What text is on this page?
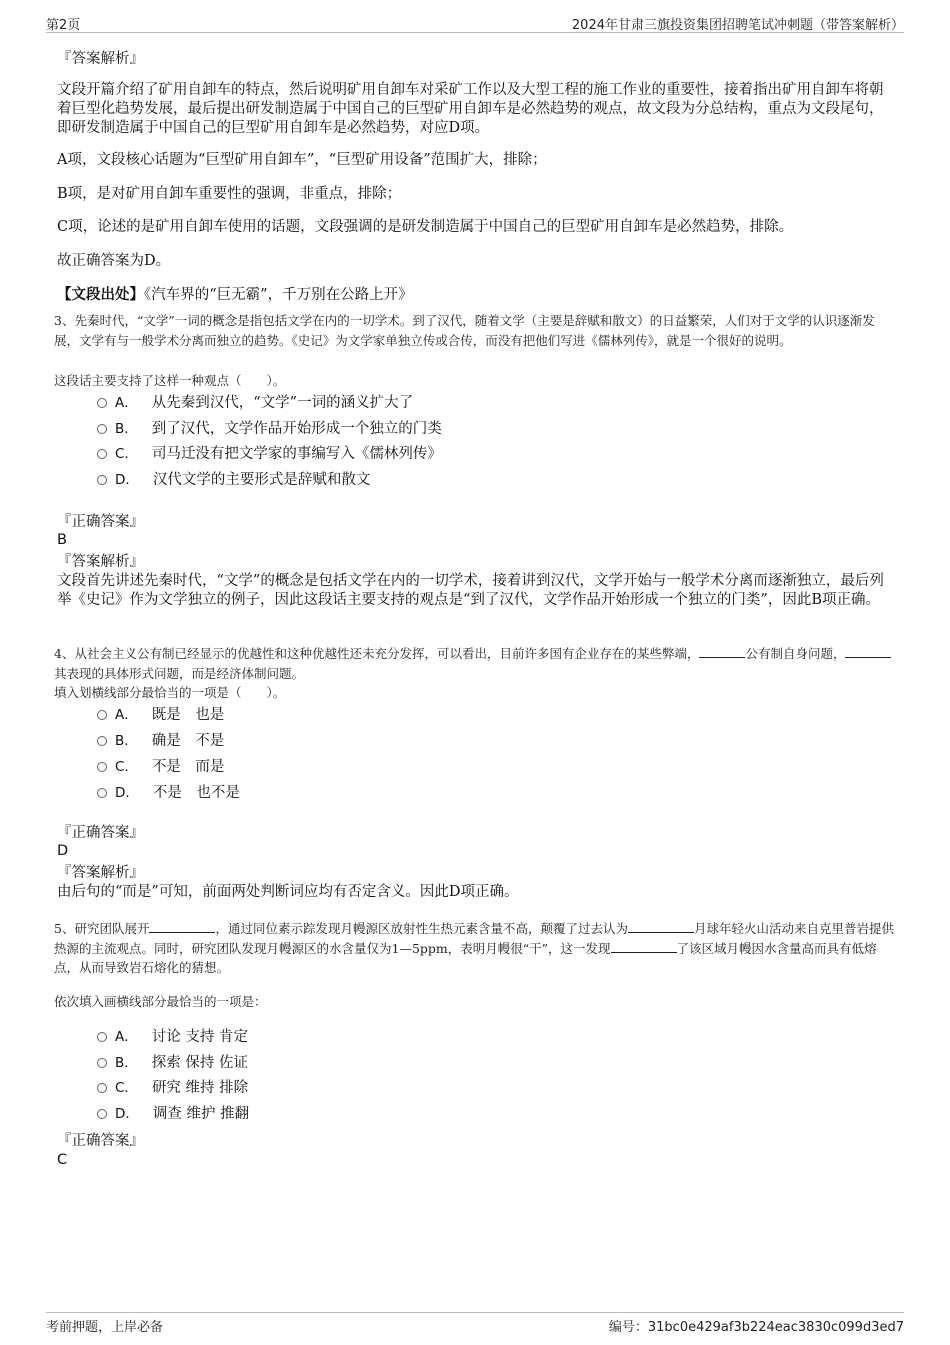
第2页	2024年甘肃三旗投资集团招聘笔试冲刺题（带答案解析）
『答案解析』
文段开篇介绍了矿用自卸车的特点，然后说明矿用自卸车对采矿工作以及大型工程的施工作业的重要性，接着指出矿用自卸车将朝着巨型化趋势发展，最后提出研发制造属于中国自己的巨型矿用自卸车是必然趋势的观点，故文段为分总结构，重点为文段尾句，即研发制造属于中国自己的巨型矿用自卸车是必然趋势，对应D项。
A项，文段核心话题为“巨型矿用自卸车”，“巨型矿用设备”范围扩大，排除；
B项，是对矿用自卸车重要性的强调，非重点，排除；
C项，论述的是矿用自卸车使用的话题，文段强调的是研发制造属于中国自己的巨型矿用自卸车是必然趋势，排除。
故正确答案为D。
【文段出处】《汽车界的“巨无霸”，千万别在公路上开》
3、先秦时代，“文学”一词的概念是指包括文学在内的一切学术。到了汉代，随着文学（主要是辞赋和散文）的日益繁荣，人们对于文学的认识逐渐发展，文学有与一般学术分离而独立的趋势。《史记》为文学家单独立传或合传，而没有把他们写进《儒林列传》，就是一个很好的说明。
这段话主要支持了这样一种观点（　　）。
A． 从先秦到汉代，“文学”一词的涵义扩大了
B． 到了汉代，文学作品开始形成一个独立的门类
C． 司马迁没有把文学家的事编写入《儒林列传》
D． 汉代文学的主要形式是辞赋和散文
『正确答案』
B
『答案解析』
文段首先讲述先秦时代，“文学”的概念是包括文学在内的一切学术，接着讲到汉代，文学开始与一般学术分离而逐渐独立，最后列举《史记》作为文学独立的例子，因此这段话主要支持的观点是“到了汉代，文学作品开始形成一个独立的门类”，因此B项正确。
4、从社会主义公有制已经显示的优越性和这种优越性还未充分发挥，可以看出，目前许多国有企业存在的某些弊端，	公有制自身问题，其表现的具体形式问题，而是经济体制问题。
填入划横线部分最恰当的一项是（　　）。
A． 既是　也是
B． 确是　不是
C． 不是　而是
D． 不是　也不是
『正确答案』
D
『答案解析』
由后句的“而是”可知，前面两处判断词应均有否定含义。因此D项正确。
5、研究团队展开	，通过同位素示踪发现月幔源区放射性生热元素含量不高，颠覆了过去认为	月球年轻火山活动来自克里普岩提供热源的主流观点。同时，研究团队发现月幔源区的水含量仅为1—5ppm，表明月幔很“干”，这一发现	了该区域月幔因水含量高而具有低熔点，从而导致岩石熔化的猜想。
依次填入画横线部分最恰当的一项是：
A． 讨论 支持 肯定
B． 探索 保持 佐证
C． 研究 维持 排除
D． 调查 维护 推翻
『正确答案』
C
考前押题，上岸必备	编号：31bc0e429af3b224eac3830c099d3ed7
